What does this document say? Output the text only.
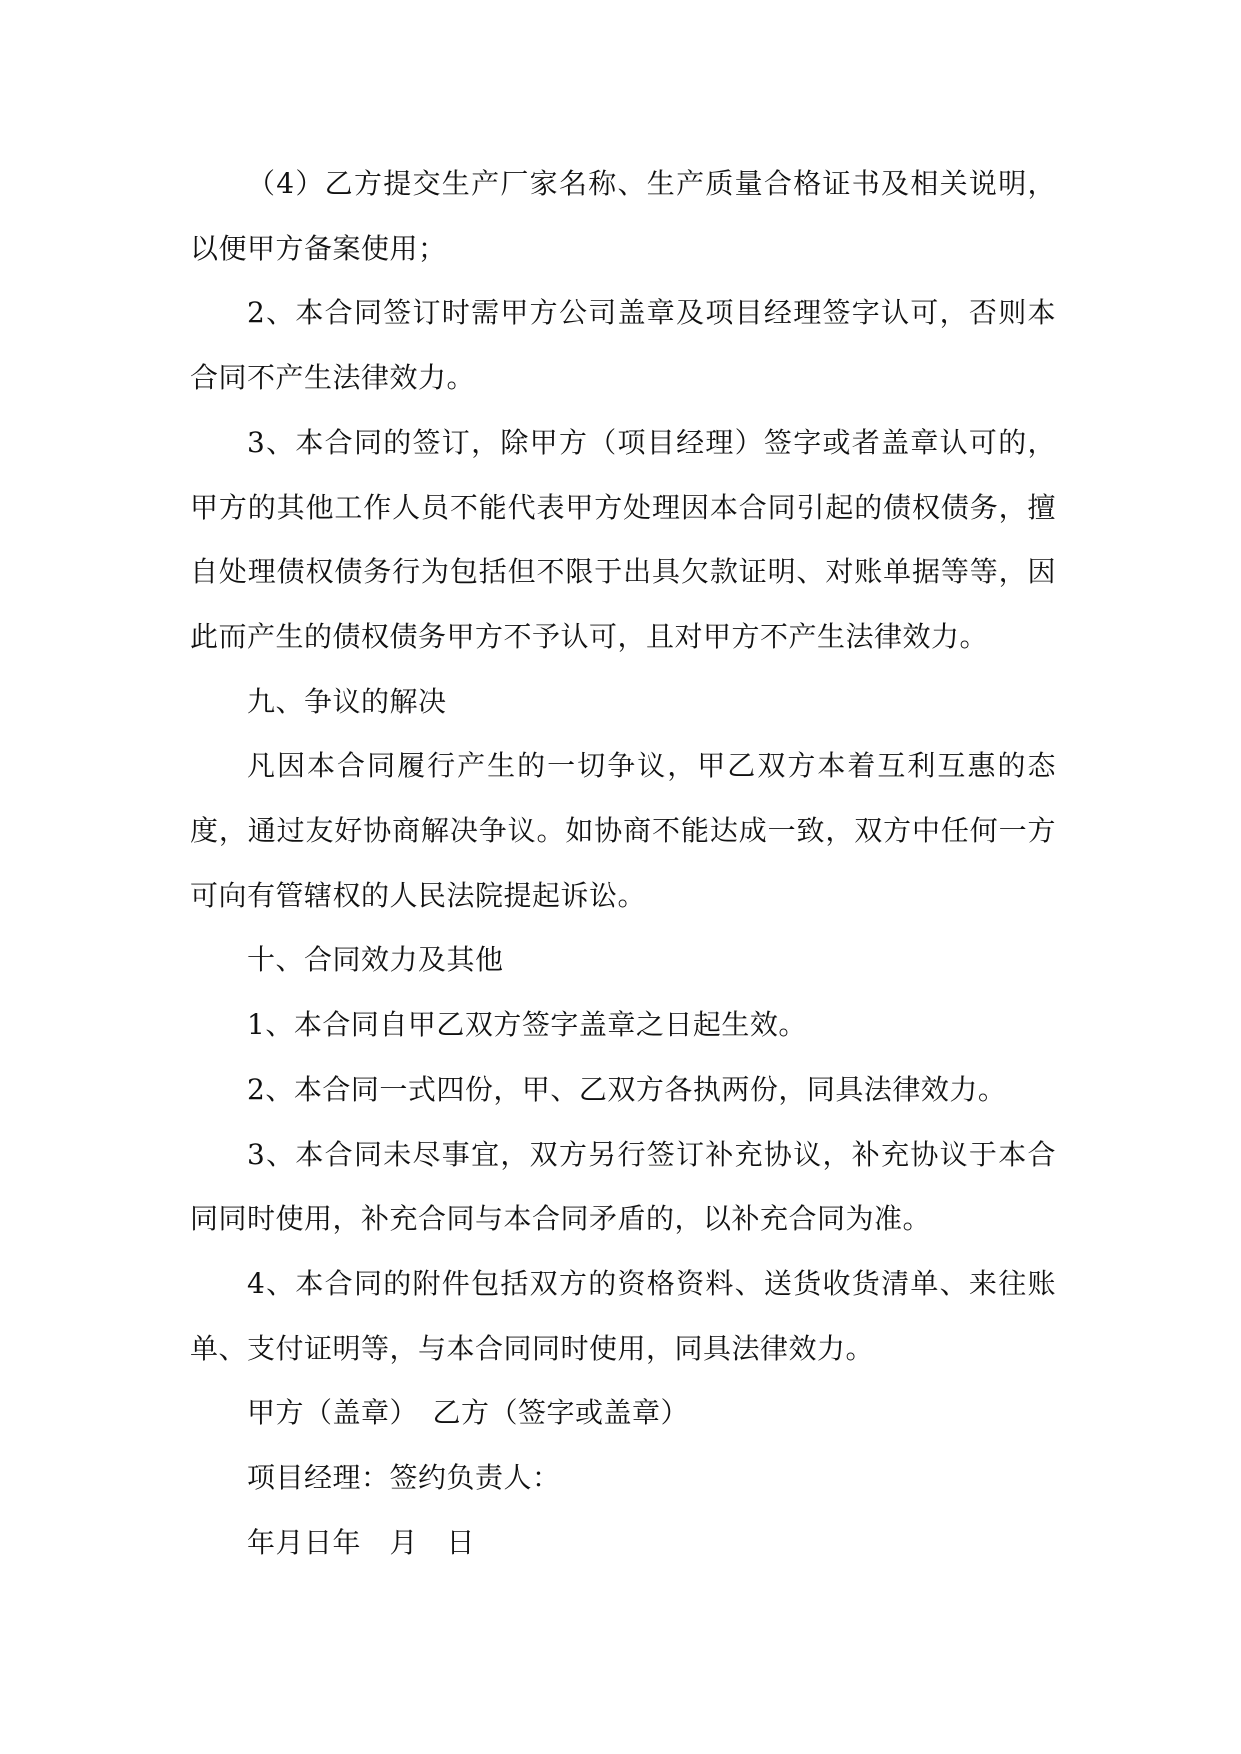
（4）乙方提交生产厂家名称、生产质量合格证书及相关说明，以便甲方备案使用；

2、本合同签订时需甲方公司盖章及项目经理签字认可，否则本合同不产生法律效力。

3、本合同的签订，除甲方（项目经理）签字或者盖章认可的，甲方的其他工作人员不能代表甲方处理因本合同引起的债权债务，擅自处理债权债务行为包括但不限于出具欠款证明、对账单据等等，因此而产生的债权债务甲方不予认可，且对甲方不产生法律效力。

九、争议的解决

凡因本合同履行产生的一切争议，甲乙双方本着互利互惠的态度，通过友好协商解决争议。如协商不能达成一致，双方中任何一方可向有管辖权的人民法院提起诉讼。

十、合同效力及其他

1、本合同自甲乙双方签字盖章之日起生效。

2、本合同一式四份，甲、乙双方各执两份，同具法律效力。

3、本合同未尽事宜，双方另行签订补充协议，补充协议于本合同同时使用，补充合同与本合同矛盾的，以补充合同为准。

4、本合同的附件包括双方的资格资料、送货收货清单、来往账单、支付证明等，与本合同同时使用，同具法律效力。

甲方（盖章）　乙方（签字或盖章）

项目经理：签约负责人：

年月日年　月　日
